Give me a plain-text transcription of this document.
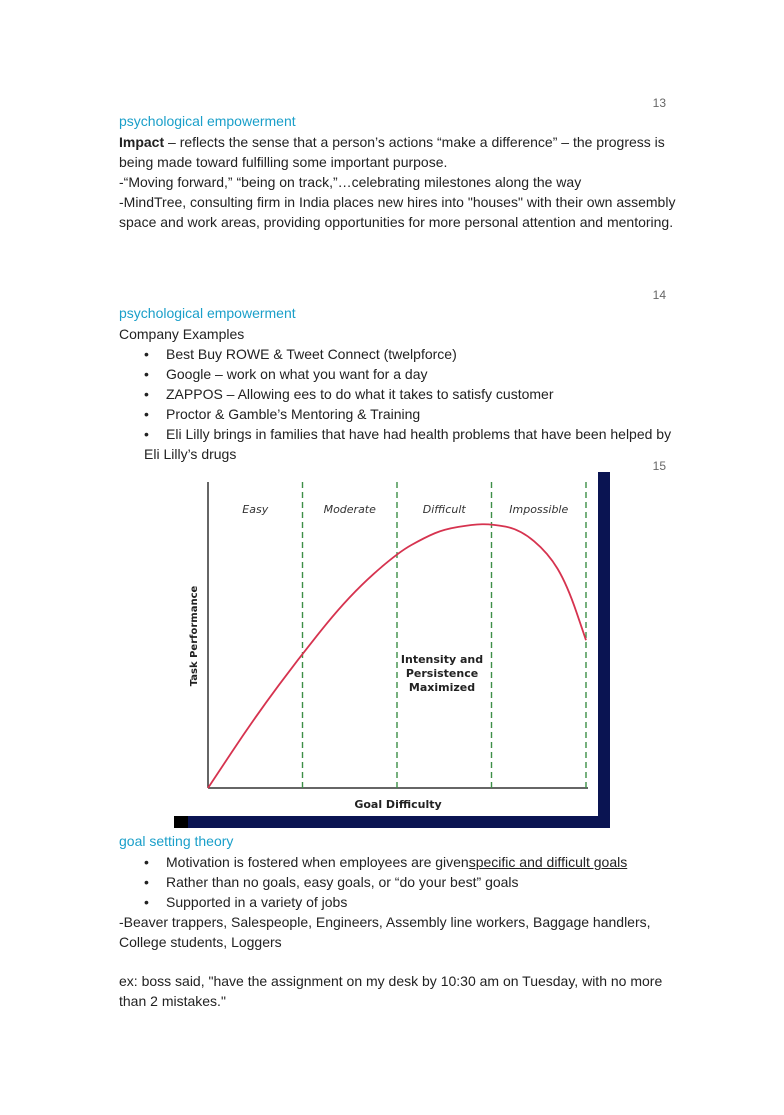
13
psychological empowerment
Impact – reflects the sense that a person’s actions “make a difference” – the progress is being made toward fulfilling some important purpose.
-“Moving forward,” “being on track,”…celebrating milestones along the way
-MindTree, consulting firm in India places new hires into "houses" with their own assembly space and work areas, providing opportunities for more personal attention and mentoring.
14
psychological empowerment
Company Examples
• Best Buy ROWE & Tweet Connect (twelpforce)
• Google – work on what you want for a day
• ZAPPOS – Allowing ees to do what it takes to satisfy customer
• Proctor & Gamble’s Mentoring & Training
• Eli Lilly brings in families that have had health problems that have been helped by
Eli Lilly’s drugs
15
Easy	Moderate	Difficult	Impossible
Goal Difficulty
Task Performance	Intensity and
Persistence
Maximized
goal setting theory
• Motivation is fostered when employees are givenspecific and difficult goals
• Rather than no goals, easy goals, or “do your best” goals
• Supported in a variety of jobs
-Beaver trappers, Salespeople, Engineers, Assembly line workers, Baggage handlers, College students, Loggers
ex: boss said, "have the assignment on my desk by 10:30 am on Tuesday, with no more than 2 mistakes."
